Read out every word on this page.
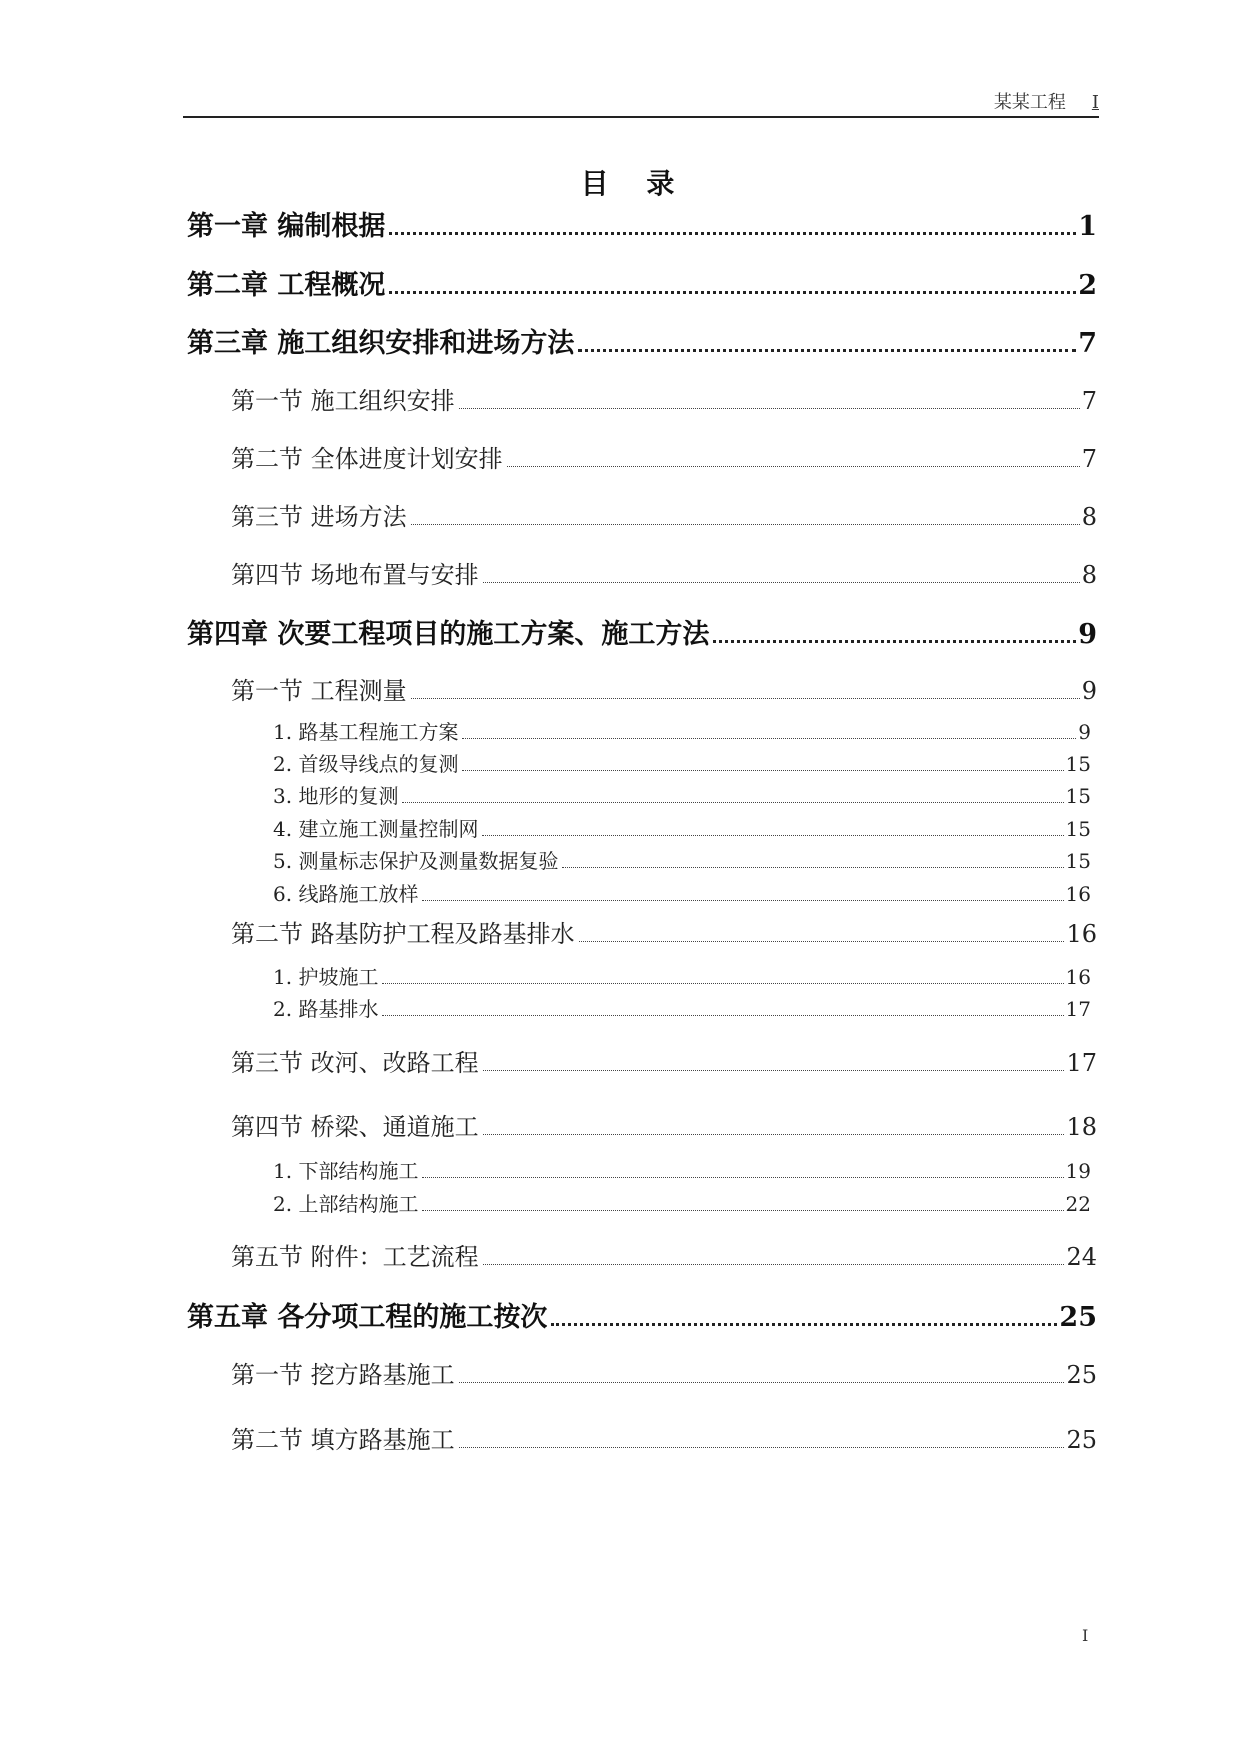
某某工程 I
目 录
第一章 编制根据	1
第二章 工程概况	2
第三章 施工组织安排和进场方法	7
第一节 施工组织安排	7
第二节 全体进度计划安排	7
第三节 进场方法	8
第四节 场地布置与安排	8
第四章 次要工程项目的施工方案、施工方法	9
第一节 工程测量	9
1. 路基工程施工方案	9
2. 首级导线点的复测	15
3. 地形的复测	15
4. 建立施工测量控制网	15
5. 测量标志保护及测量数据复验	15
6. 线路施工放样	16
第二节 路基防护工程及路基排水	16
1. 护坡施工	16
2. 路基排水	17
第三节 改河、改路工程	17
第四节 桥梁、通道施工	18
1. 下部结构施工	19
2. 上部结构施工	22
第五节 附件：工艺流程	24
第五章 各分项工程的施工按次	25
第一节 挖方路基施工	25
第二节 填方路基施工	25
I
